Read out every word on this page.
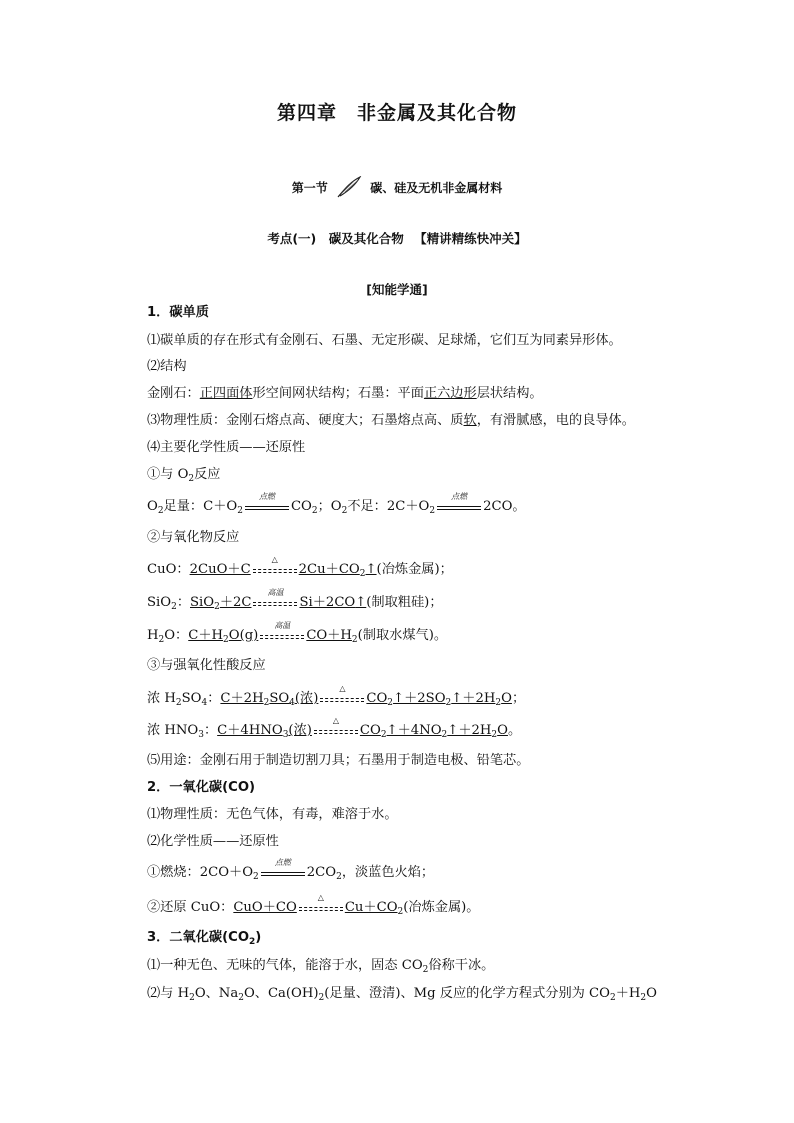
第四章　非金属及其化合物
第一节	碳、硅及无机非金属材料
考点(一)　碳及其化合物 【精讲精练快冲关】
[知能学通]
1．碳单质
⑴碳单质的存在形式有金刚石、石墨、无定形碳、足球烯，它们互为同素异形体。
⑵结构
金刚石：正四面体形空间网状结构；石墨：平面正六边形层状结构。
⑶物理性质：金刚石熔点高、硬度大；石墨熔点高、质软，有滑腻感，电的良导体。
⑷主要化学性质——还原性
①与 $O_2$反应
$O_2$足量：$C+O_2$
点燃
$CO_2$；$O_2$不足：$2C+O_2$
点燃
2CO。
②与氧化物反应
CuO：2CuO＋C
△
$2Cu+CO_2↑$(冶炼金属)；
SiO$_2$：SiO$_2$＋2C
高温
Si＋2CO↑(制取粗硅)；
$H_2O$：$C+H_2O(g)$
高温
$CO+H_2$(制取水煤气)。
③与强氧化性酸反应
浓 $H_2SO_4$：$C+2H_2SO_4$(浓)
△
$CO_2↑+2SO_2↑+2H_2O$；
浓 $HNO_3$：$C+4HNO_3$(浓)
△
$CO_2↑+4NO_2↑+2H_2O$。
⑸用途：金刚石用于制造切割刀具；石墨用于制造电极、铅笔芯。
2．一氧化碳(CO)
⑴物理性质：无色气体，有毒，难溶于水。
⑵化学性质——还原性
①燃烧：$2CO+O_2$
点燃
$2CO_2$，淡蓝色火焰；
②还原 CuO：CuO＋CO
△
$Cu+CO_2$(冶炼金属)。
3．二氧化碳$(CO_2)$
⑴一种无色、无味的气体，能溶于水，固态 $CO_2$俗称干冰。
⑵与 $H_2O$、$Na_2O$、$Ca(OH)_2$(足量、澄清)、Mg 反应的化学方程式分别为 $CO_2+H_2O$
